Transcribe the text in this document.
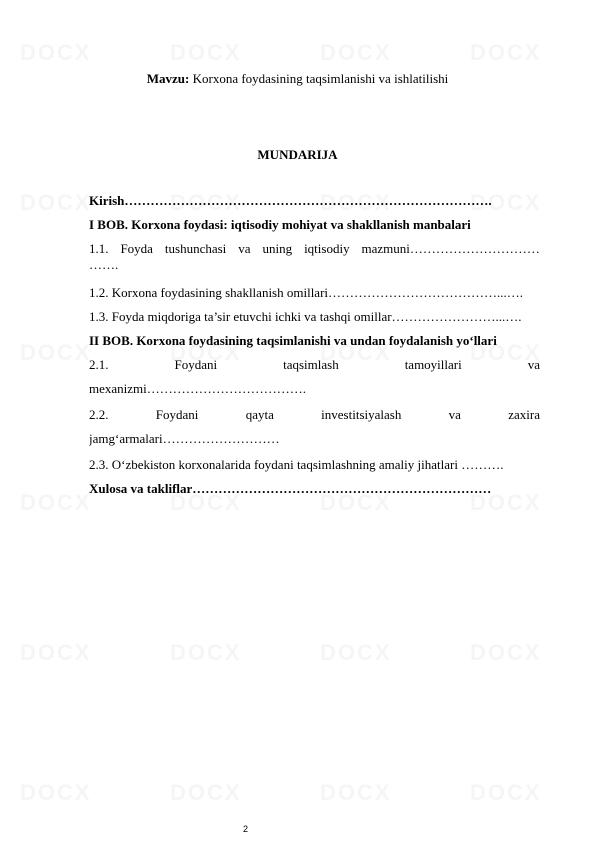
Mavzu: Korxona foydasining taqsimlanishi va ishlatilishi
MUNDARIJA
Kirish………………………………………………………………………….
I BOB. Korxona foydasi: iqtisodiy mohiyat va shakllanish manbalari
1.1. Foyda tushunchasi va uning iqtisodiy mazmuni…………………………
…….
1.2. Korxona foydasining shakllanish omillari…………………………………...….
1.3. Foyda miqdoriga ta’sir etuvchi ichki va tashqi omillar……………………...….
II BOB. Korxona foydasining taqsimlanishi va undan foydalanish yo‘llari
2.1.	Foydani	taqsimlash	tamoyillari	va
mexanizmi……………………………….
2.2.	Foydani	qayta	investitsiyalash	va	zaxira
jamg‘armalari………………………
2.3. O‘zbekiston korxonalarida foydani taqsimlashning amaliy jihatlari ……….
Xulosa va takliflar……………………………………………………………
2
